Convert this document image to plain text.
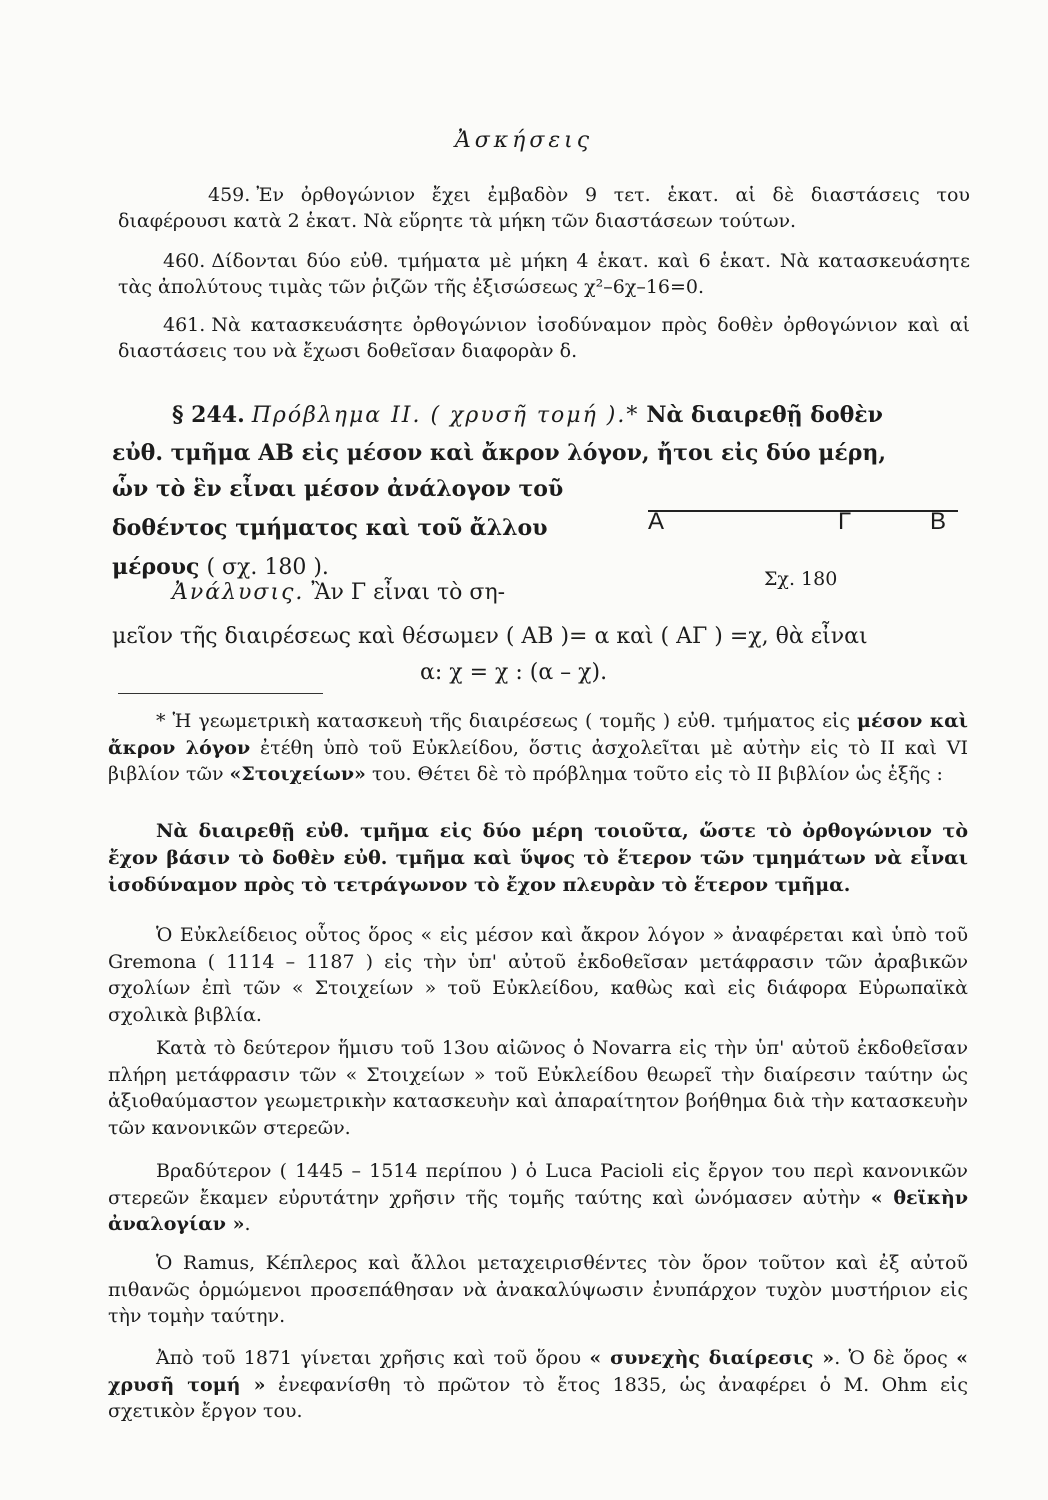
Ἀσκήσεις

459. Ἐν ὀρθογώνιον ἔχει ἐμβαδὸν 9 τετ. ἑκατ. αἱ δὲ διαστάσεις του διαφέρουσι κατὰ 2 ἑκατ. Νὰ εὕρητε τὰ μήκη τῶν διαστάσεων τούτων.

460. Δίδονται δύο εὐθ. τμήματα μὲ μήκη 4 ἑκατ. καὶ 6 ἑκατ. Νὰ κατασκευάσητε τὰς ἀπολύτους τιμὰς τῶν ῥιζῶν τῆς ἐξισώσεως χ²–6χ–16=0.

461. Νὰ κατασκευάσητε ὀρθογώνιον ἰσοδύναμον πρὸς δοθὲν ὀρθογώνιον καὶ αἱ διαστάσεις του νὰ ἔχωσι δοθεῖσαν διαφορὰν δ.

§ 244. Πρόβλημα ΙΙ. ( χρυσῆ τομή ).* Νὰ διαιρεθῇ δοθὲν

εὐθ. τμῆμα ΑΒ εἰς μέσον καὶ ἄκρον λόγον, ἤτοι εἰς δύο μέρη,

ὧν τὸ ἓν εἶναι μέσον ἀνάλογον τοῦ δοθέντος τμήματος καὶ τοῦ ἄλλου μέρους ( σχ. 180 ).

Α	Γ	Β
Σχ. 180

Ἀνάλυσις. Ἂν Γ εἶναι τὸ ση-

μεῖον τῆς διαιρέσεως καὶ θέσωμεν ( ΑΒ )= α καὶ ( ΑΓ ) =χ, θὰ εἶναι

α: χ = χ : (α – χ).

* Ἡ γεωμετρικὴ κατασκευὴ τῆς διαιρέσεως ( τομῆς ) εὐθ. τμήματος εἰς μέσον καὶ ἄκρον λόγον ἐτέθη ὑπὸ τοῦ Εὐκλείδου, ὅστις ἀσχολεῖται μὲ αὐτὴν εἰς τὸ ΙΙ καὶ VΙ βιβλίον τῶν «Στοιχείων» του. Θέτει δὲ τὸ πρόβλημα τοῦτο εἰς τὸ ΙΙ βιβλίον ὡς ἑξῆς :

Νὰ διαιρεθῇ εὐθ. τμῆμα εἰς δύο μέρη τοιοῦτα, ὥστε τὸ ὀρθογώνιον τὸ ἔχον βάσιν τὸ δοθὲν εὐθ. τμῆμα καὶ ὕψος τὸ ἕτερον τῶν τμημάτων νὰ εἶναι ἰσοδύναμον πρὸς τὸ τετράγωνον τὸ ἔχον πλευρὰν τὸ ἕτερον τμῆμα.

Ὁ Εὐκλείδειος οὗτος ὅρος « εἰς μέσον καὶ ἄκρον λόγον » ἀναφέρεται καὶ ὑπὸ τοῦ Gremona ( 1114 – 1187 ) εἰς τὴν ὑπ' αὐτοῦ ἐκδοθεῖσαν μετάφρασιν τῶν ἀραβικῶν σχολίων ἐπὶ τῶν « Στοιχείων » τοῦ Εὐκλείδου, καθὼς καὶ εἰς διάφορα Εὐρωπαϊκὰ σχολικὰ βιβλία.

Κατὰ τὸ δεύτερον ἥμισυ τοῦ 13ου αἰῶνος ὁ Novarra εἰς τὴν ὑπ' αὐτοῦ ἐκδοθεῖσαν πλήρη μετάφρασιν τῶν « Στοιχείων » τοῦ Εὐκλείδου θεωρεῖ τὴν διαίρεσιν ταύτην ὡς ἀξιοθαύμαστον γεωμετρικὴν κατασκευὴν καὶ ἀπαραίτητον βοήθημα διὰ τὴν κατασκευὴν τῶν κανονικῶν στερεῶν.

Βραδύτερον ( 1445 – 1514 περίπου ) ὁ Luca Pacioli εἰς ἔργον του περὶ κανονικῶν στερεῶν ἔκαμεν εὐρυτάτην χρῆσιν τῆς τομῆς ταύτης καὶ ὠνόμασεν αὐτὴν « θεϊκὴν ἀναλογίαν ».

Ὁ Ramus, Κέπλερος καὶ ἄλλοι μεταχειρισθέντες τὸν ὅρον τοῦτον καὶ ἐξ αὐτοῦ πιθανῶς ὁρμώμενοι προσεπάθησαν νὰ ἀνακαλύψωσιν ἐνυπάρχον τυχὸν μυστήριον εἰς τὴν τομὴν ταύτην.

Ἀπὸ τοῦ 1871 γίνεται χρῆσις καὶ τοῦ ὅρου « συνεχὴς διαίρεσις ». Ὁ δὲ ὅρος « χρυσῆ τομή » ἐνεφανίσθη τὸ πρῶτον τὸ ἔτος 1835, ὡς ἀναφέρει ὁ Μ. Ohm εἰς σχετικὸν ἔργον του.
